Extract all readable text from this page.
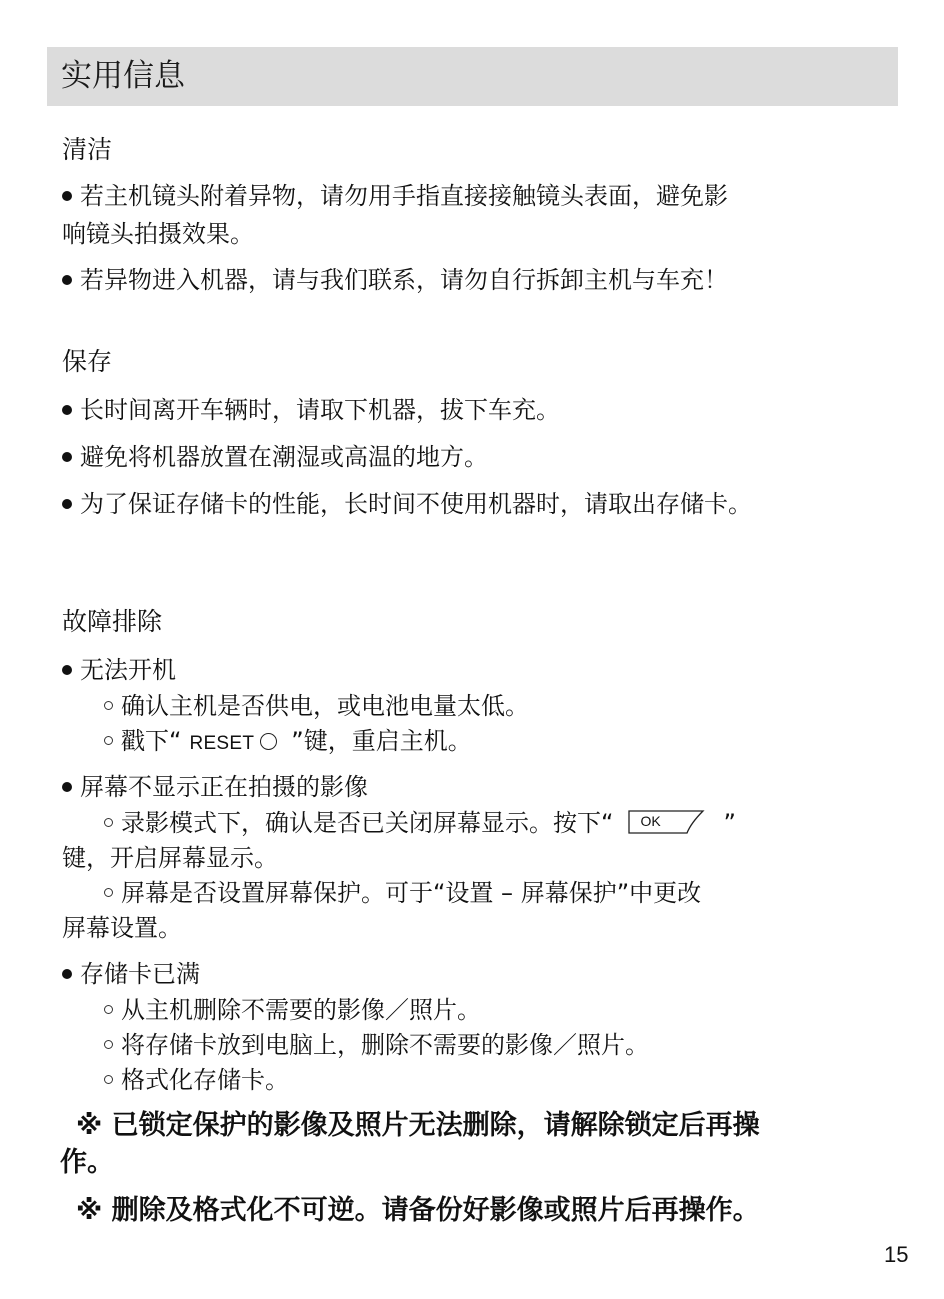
实用信息
清洁
若主机镜头附着异物，请勿用手指直接接触镜头表面，避免影
响镜头拍摄效果。
若异物进入机器，请与我们联系，请勿自行拆卸主机与车充！
保存
长时间离开车辆时，请取下机器，拔下车充。
避免将机器放置在潮湿或高温的地方。
为了保证存储卡的性能，长时间不使用机器时，请取出存储卡。
故障排除
无法开机
确认主机是否供电，或电池电量太低。
戳下“ RESET ”键，重启主机。
屏幕不显示正在拍摄的影像
录影模式下，确认是否已关闭屏幕显示。按下“ OK	”
键，开启屏幕显示。
屏幕是否设置屏幕保护。可于“设置 – 屏幕保护”中更改
屏幕设置。
存储卡已满
从主机删除不需要的影像／照片。
将存储卡放到电脑上，删除不需要的影像／照片。
格式化存储卡。
※ 已锁定保护的影像及照片无法删除，请解除锁定后再操
作。
※ 删除及格式化不可逆。请备份好影像或照片后再操作。
15
